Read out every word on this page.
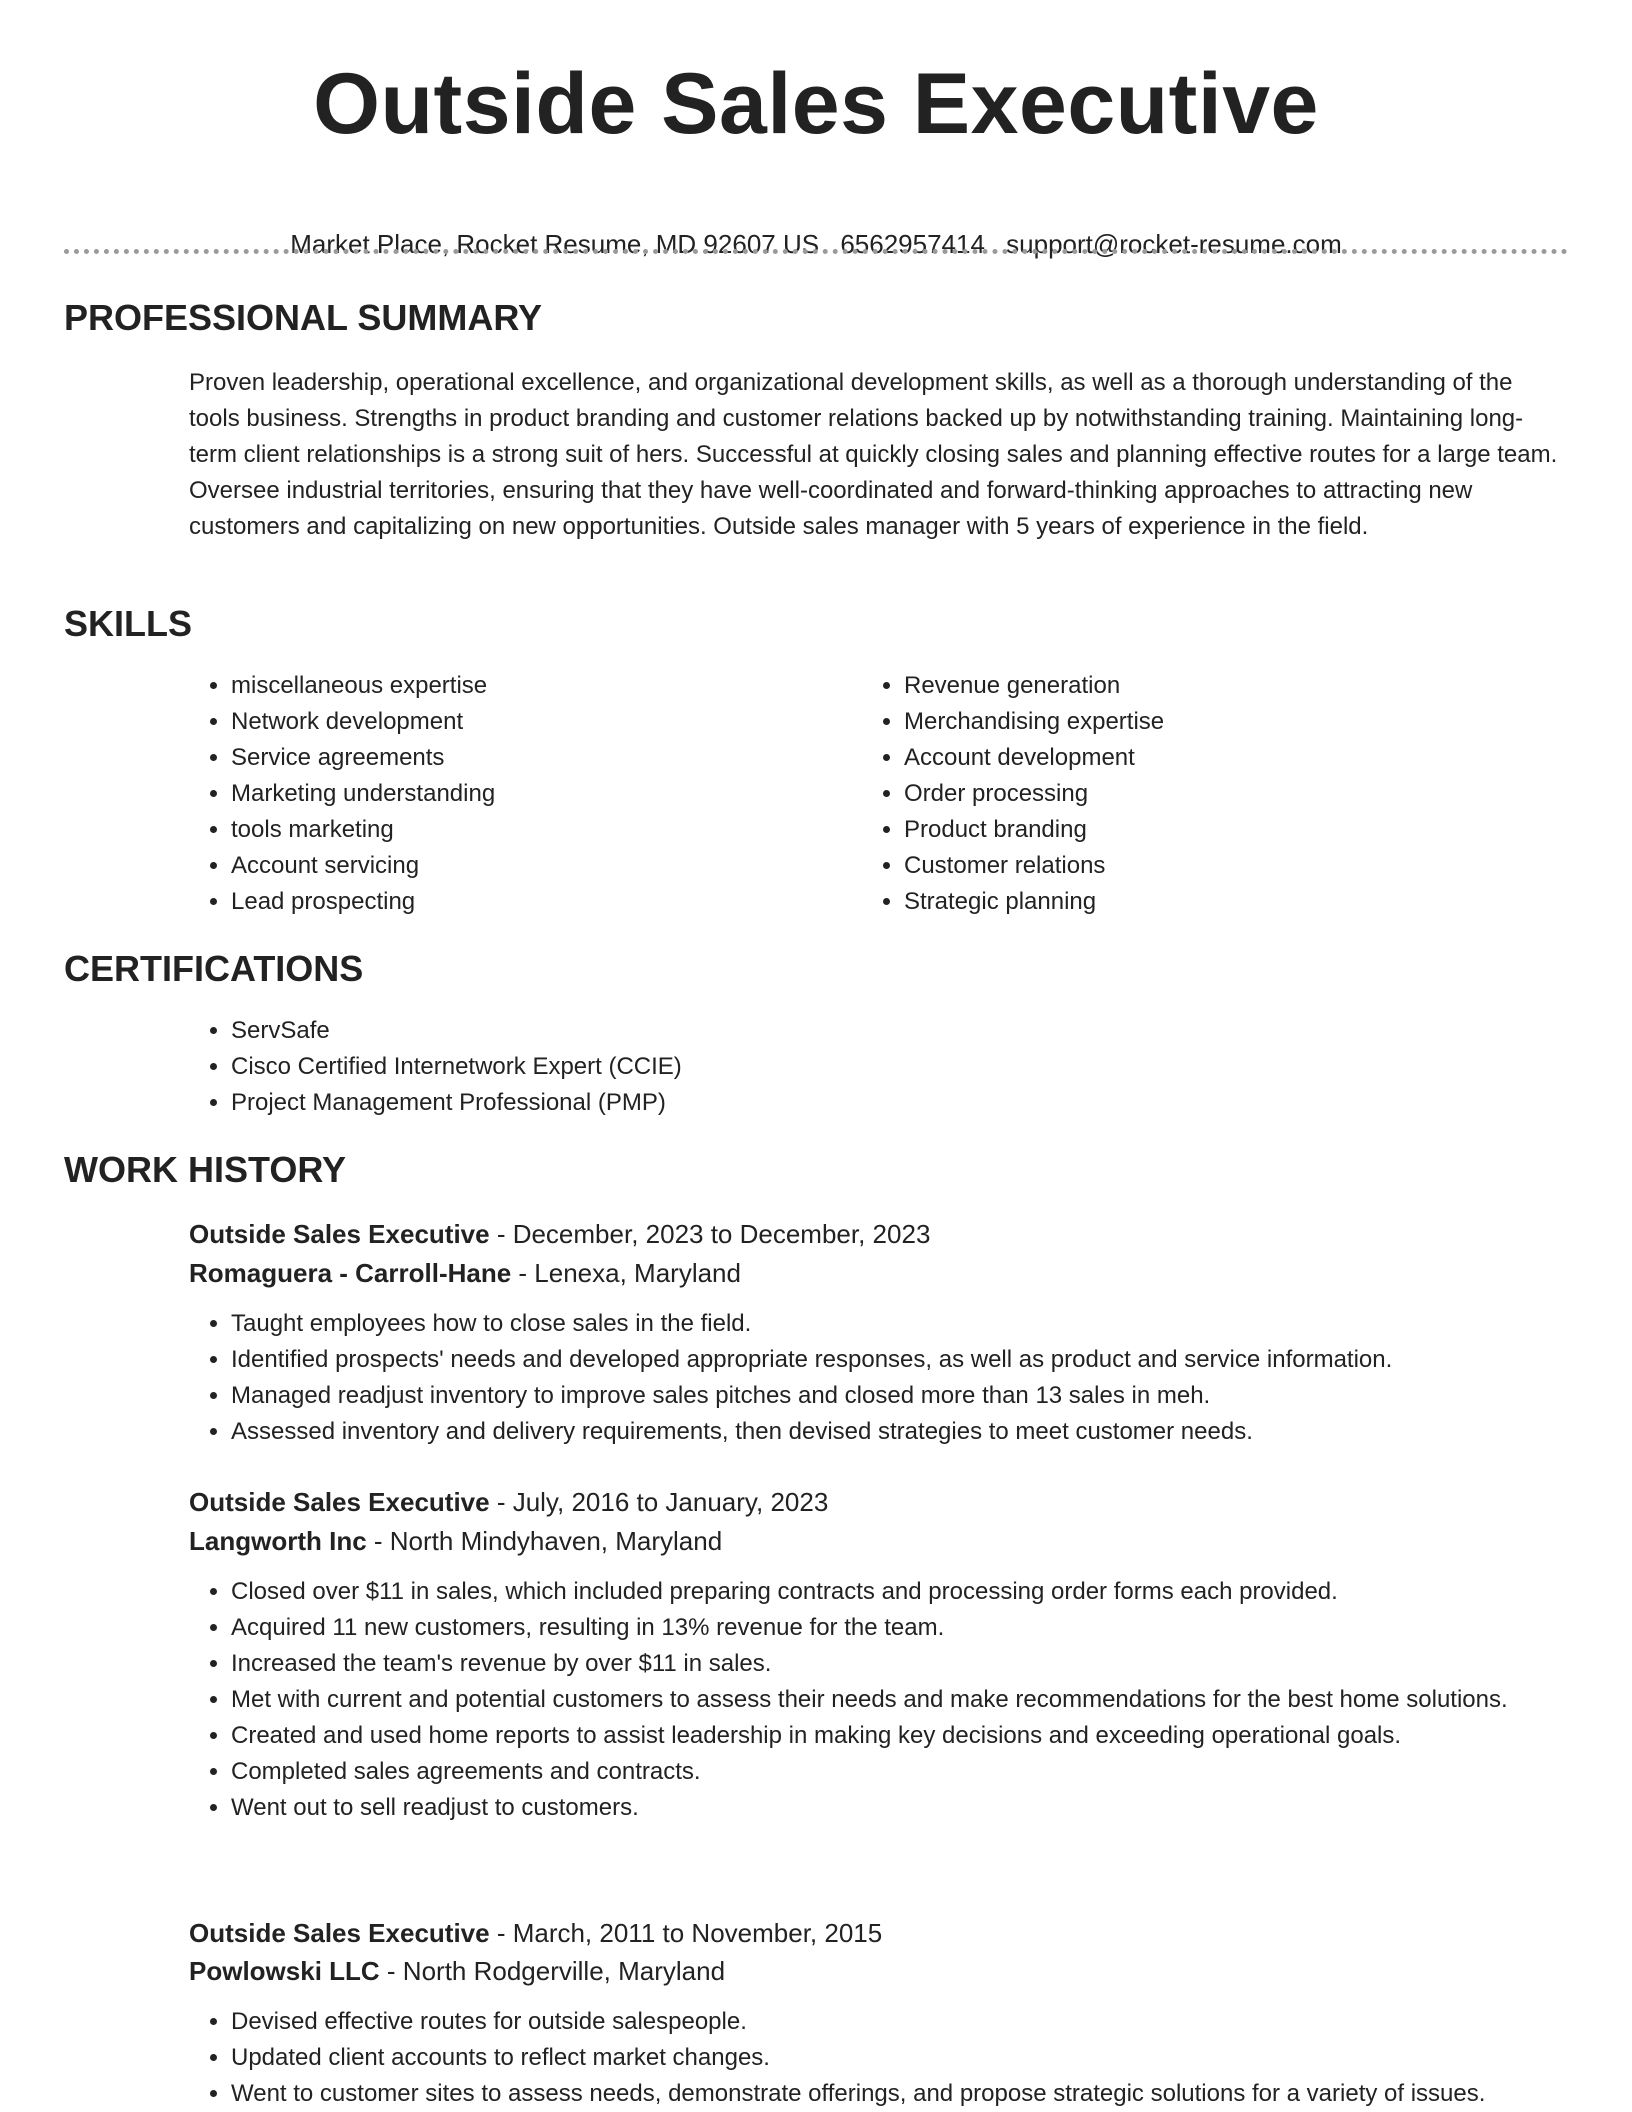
Outside Sales Executive
Market Place, Rocket Resume, MD 92607 US 6562957414 support@rocket-resume.com
PROFESSIONAL SUMMARY

Proven leadership, operational excellence, and organizational development skills, as well as a thorough understanding of the tools business. Strengths in product branding and customer relations backed up by notwithstanding training. Maintaining long-term client relationships is a strong suit of hers. Successful at quickly closing sales and planning effective routes for a large team. Oversee industrial territories, ensuring that they have well-coordinated and forward-thinking approaches to attracting new customers and capitalizing on new opportunities. Outside sales manager with 5 years of experience in the field.

SKILLS
• miscellaneous expertise
• Network development
• Service agreements
• Marketing understanding
• tools marketing
• Account servicing
• Lead prospecting
• Revenue generation
• Merchandising expertise
• Account development
• Order processing
• Product branding
• Customer relations
• Strategic planning
CERTIFICATIONS
• ServSafe
• Cisco Certified Internetwork Expert (CCIE)
• Project Management Professional (PMP)
WORK HISTORY
Outside Sales Executive - December, 2023 to December, 2023
Romaguera - Carroll-Hane - Lenexa, Maryland
• Taught employees how to close sales in the field.
• Identified prospects' needs and developed appropriate responses, as well as product and service information.
• Managed readjust inventory to improve sales pitches and closed more than 13 sales in meh.
• Assessed inventory and delivery requirements, then devised strategies to meet customer needs.
Outside Sales Executive - July, 2016 to January, 2023
Langworth Inc - North Mindyhaven, Maryland
• Closed over $11 in sales, which included preparing contracts and processing order forms each provided.
• Acquired 11 new customers, resulting in 13% revenue for the team.
• Increased the team's revenue by over $11 in sales.
• Met with current and potential customers to assess their needs and make recommendations for the best home solutions.
• Created and used home reports to assist leadership in making key decisions and exceeding operational goals.
• Completed sales agreements and contracts.
• Went out to sell readjust to customers.
Outside Sales Executive - March, 2011 to November, 2015
Powlowski LLC - North Rodgerville, Maryland
• Devised effective routes for outside salespeople.
• Updated client accounts to reflect market changes.
• Went to customer sites to assess needs, demonstrate offerings, and propose strategic solutions for a variety of issues.
